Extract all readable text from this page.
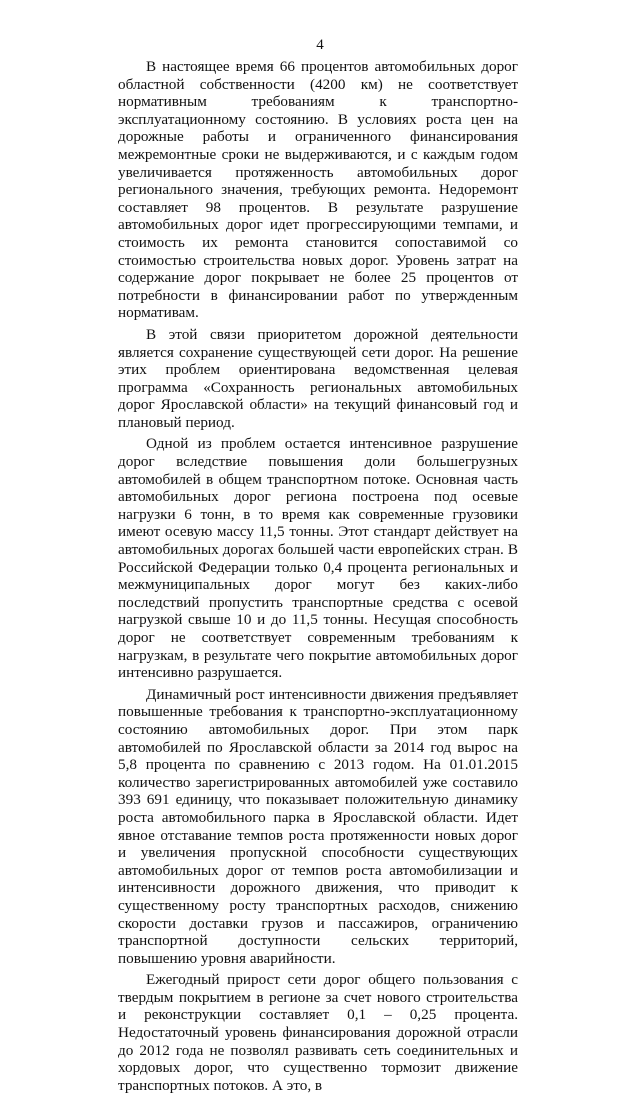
4

В настоящее время 66 процентов автомобильных дорог областной собственности (4200 км) не соответствует нормативным требованиям к транспортно-эксплуатационному состоянию. В условиях роста цен на дорожные работы и ограниченного финансирования межремонтные сроки не выдерживаются, и с каждым годом увеличивается протяженность автомобильных дорог регионального значения, требующих ремонта. Недоремонт составляет 98 процентов. В результате разрушение автомобильных дорог идет прогрессирующими темпами, и стоимость их ремонта становится сопоставимой со стоимостью строительства новых дорог. Уровень затрат на содержание дорог покрывает не более 25 процентов от потребности в финансировании работ по утвержденным нормативам.

В этой связи приоритетом дорожной деятельности является сохранение существующей сети дорог. На решение этих проблем ориентирована ведомственная целевая программа «Сохранность региональных автомобильных дорог Ярославской области» на текущий финансовый год и плановый период.

Одной из проблем остается интенсивное разрушение дорог вследствие повышения доли большегрузных автомобилей в общем транспортном потоке. Основная часть автомобильных дорог региона построена под осевые нагрузки 6 тонн, в то время как современные грузовики имеют осевую массу 11,5 тонны. Этот стандарт действует на автомобильных дорогах большей части европейских стран. В Российской Федерации только 0,4 процента региональных и межмуниципальных дорог могут без каких-либо последствий пропустить транспортные средства с осевой нагрузкой свыше 10 и до 11,5 тонны. Несущая способность дорог не соответствует современным требованиям к нагрузкам, в результате чего покрытие автомобильных дорог интенсивно разрушается.

Динамичный рост интенсивности движения предъявляет повышенные требования к транспортно-эксплуатационному состоянию автомобильных дорог. При этом парк автомобилей по Ярославской области за 2014 год вырос на 5,8 процента по сравнению с 2013 годом. На 01.01.2015 количество зарегистрированных автомобилей уже составило 393 691 единицу, что показывает положительную динамику роста автомобильного парка в Ярославской области. Идет явное отставание темпов роста протяженности новых дорог и увеличения пропускной способности существующих автомобильных дорог от темпов роста автомобилизации и интенсивности дорожного движения, что приводит к существенному росту транспортных расходов, снижению скорости доставки грузов и пассажиров, ограничению транспортной доступности сельских территорий, повышению уровня аварийности.

Ежегодный прирост сети дорог общего пользования с твердым покрытием в регионе за счет нового строительства и реконструкции составляет 0,1 – 0,25 процента. Недостаточный уровень финансирования дорожной отрасли до 2012 года не позволял развивать сеть соединительных и хордовых дорог, что существенно тормозит движение транспортных потоков. А это, в
